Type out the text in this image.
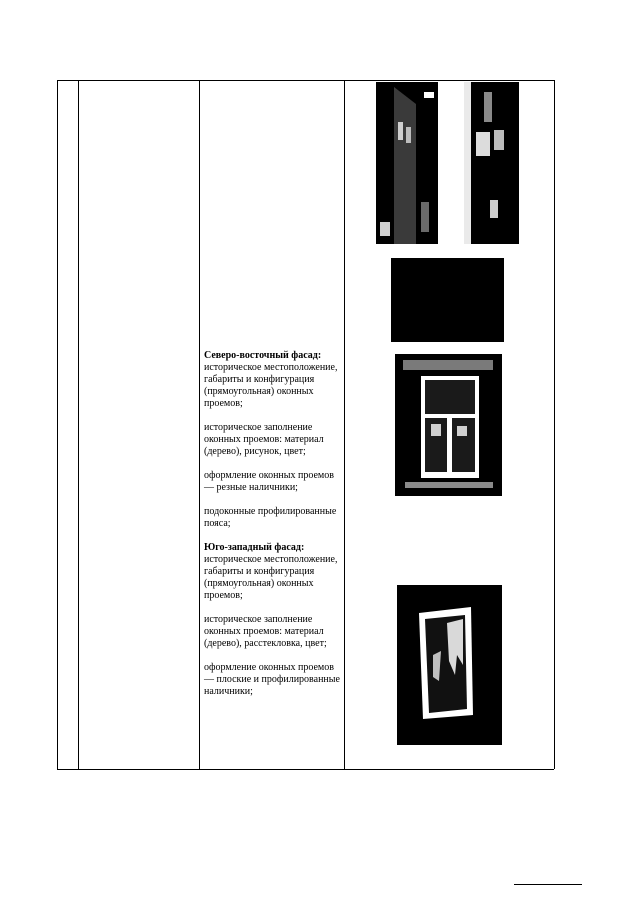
Северо-восточный фасад:
историческое местоположение, габариты и конфигурация (прямоугольная) оконных проемов;

историческое заполнение оконных проемов: материал (дерево), рисунок, цвет;

оформление оконных проемов — резные наличники;

подоконные профилированные пояса;

Юго-западный фасад:
историческое местоположение, габариты и конфигурация (прямоугольная) оконных проемов;

историческое заполнение оконных проемов: материал (дерево), расстекловка, цвет;

оформление оконных проемов — плоские и профилированные наличники;
